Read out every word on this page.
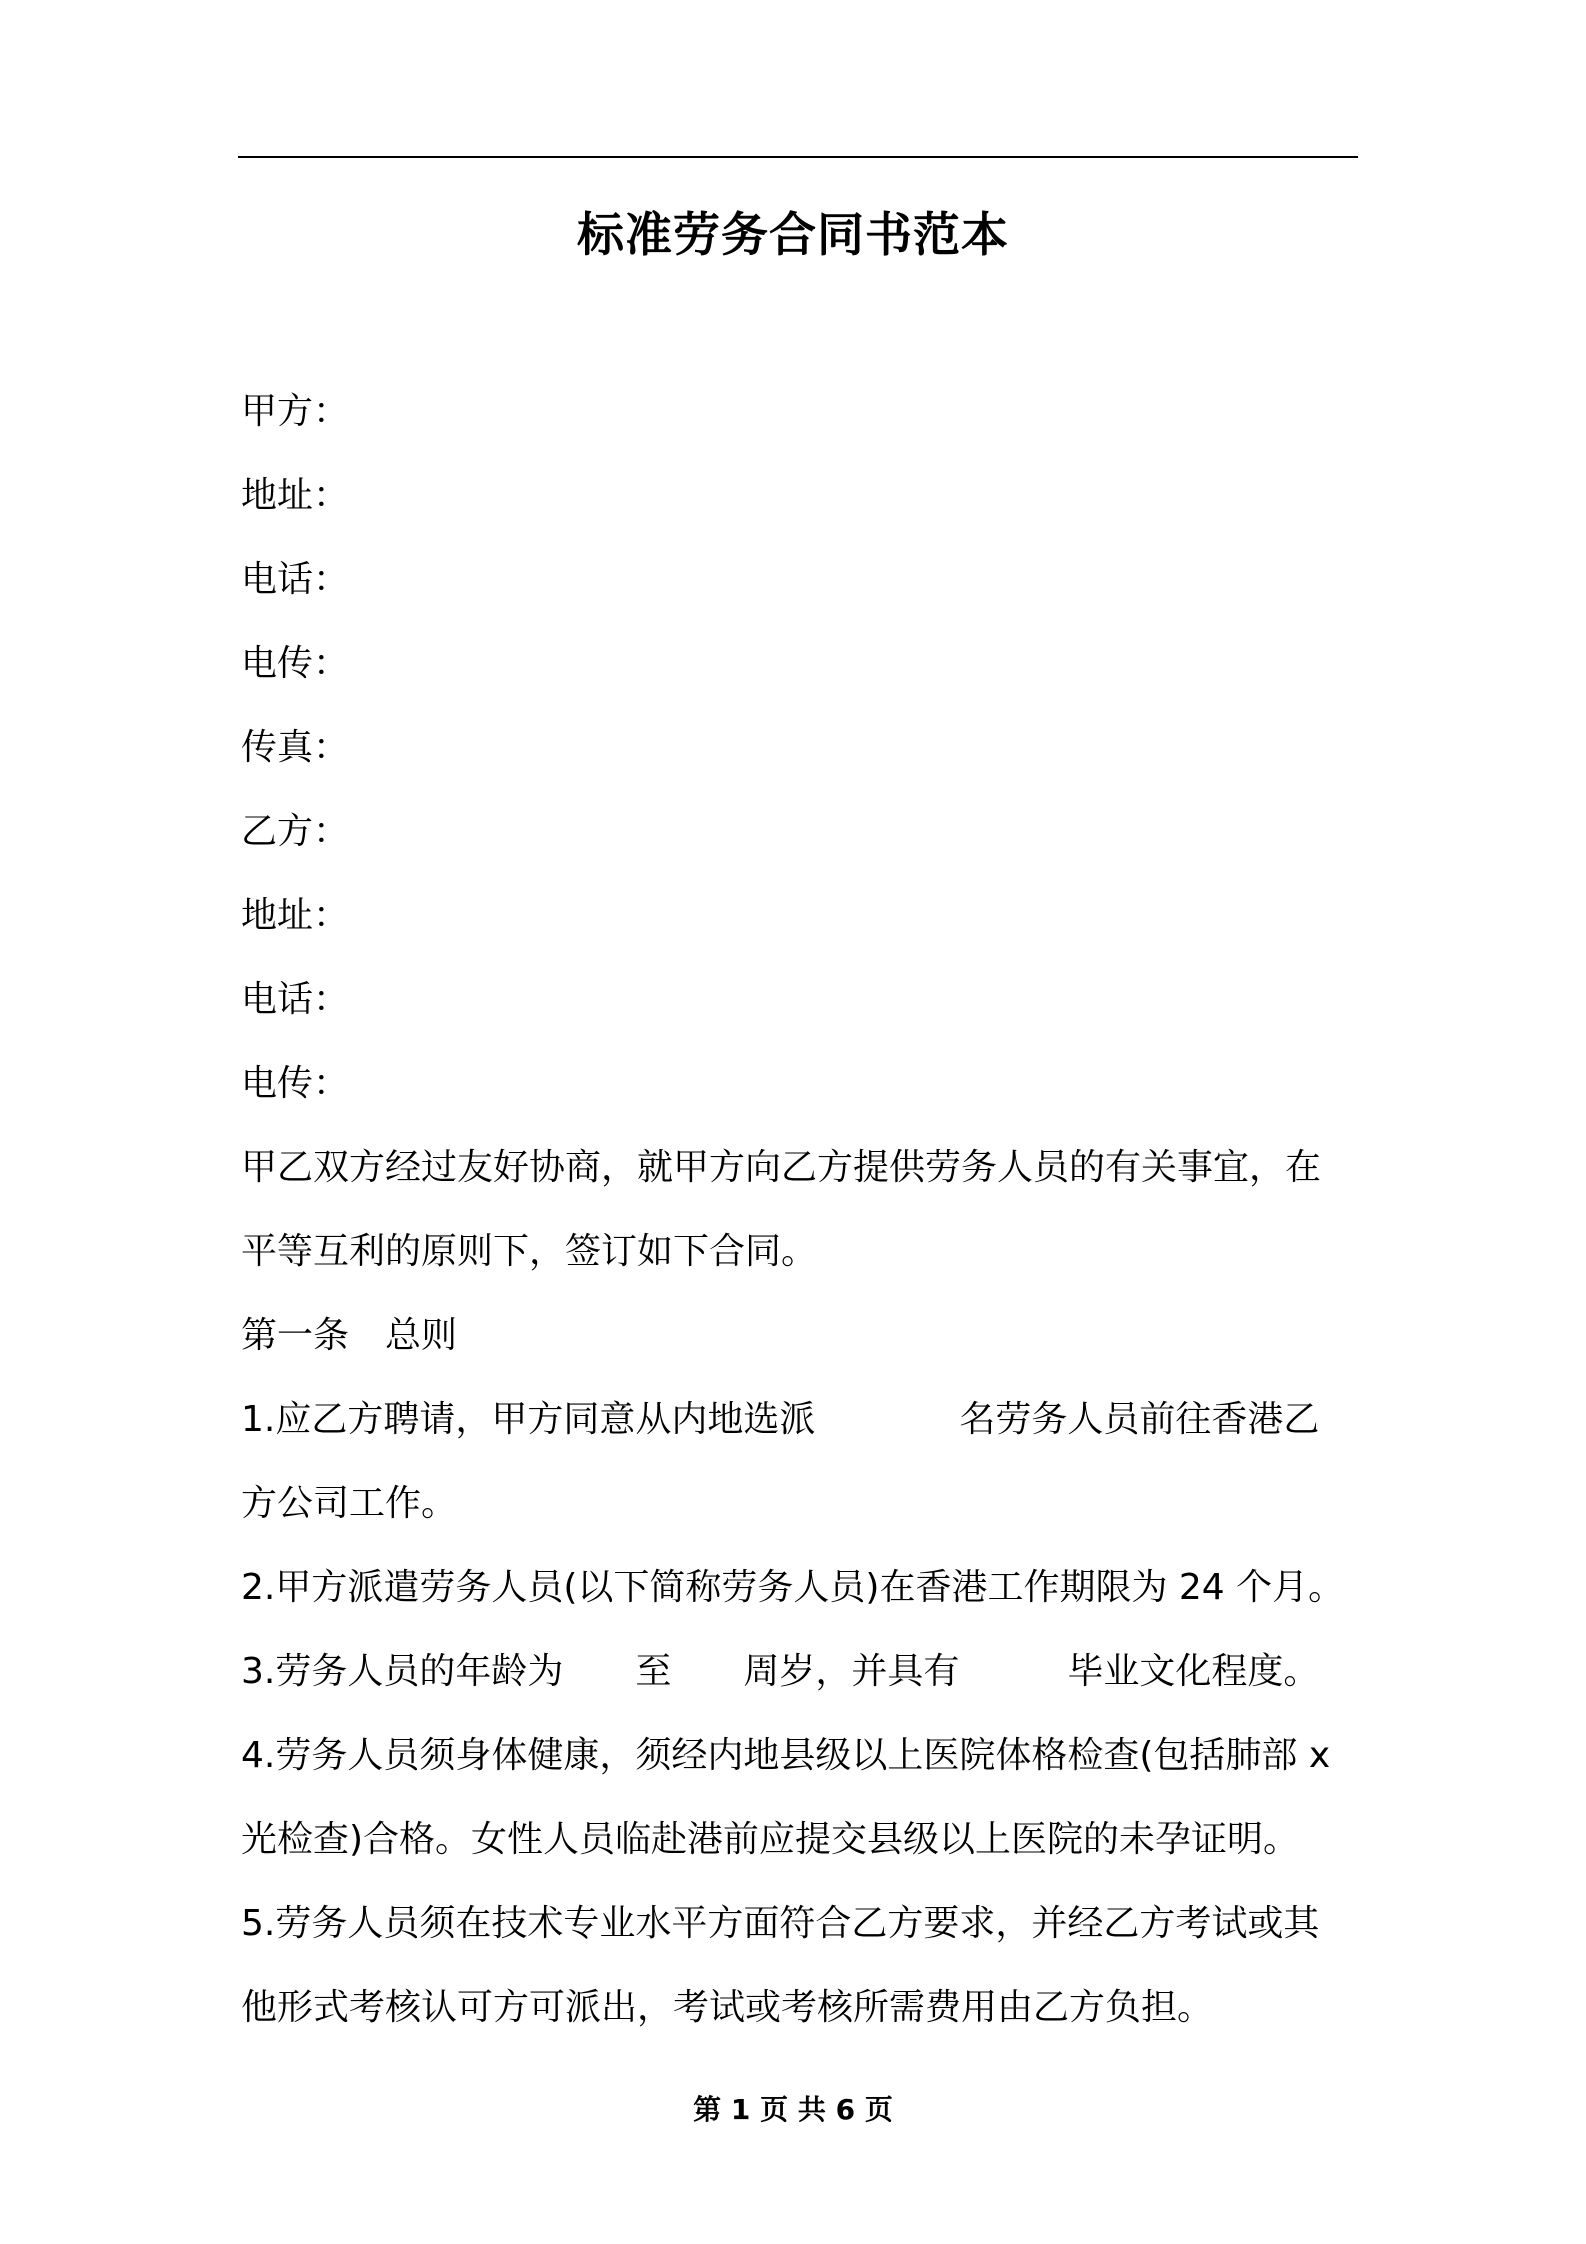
标准劳务合同书范本
甲方：
地址：
电话：
电传：
传真：
乙方：
地址：
电话：
电传：
甲乙双方经过友好协商，就甲方向乙方提供劳务人员的有关事宜，在
平等互利的原则下，签订如下合同。
第一条　总则
1.应乙方聘请，甲方同意从内地选派　　　　名劳务人员前往香港乙
方公司工作。
2.甲方派遣劳务人员(以下简称劳务人员)在香港工作期限为 24 个月。
3.劳务人员的年龄为　　至　　周岁，并具有　　　毕业文化程度。
4.劳务人员须身体健康，须经内地县级以上医院体格检查(包括肺部 x
光检查)合格。女性人员临赴港前应提交县级以上医院的未孕证明。
5.劳务人员须在技术专业水平方面符合乙方要求，并经乙方考试或其
他形式考核认可方可派出，考试或考核所需费用由乙方负担。
第 1 页 共 6 页
